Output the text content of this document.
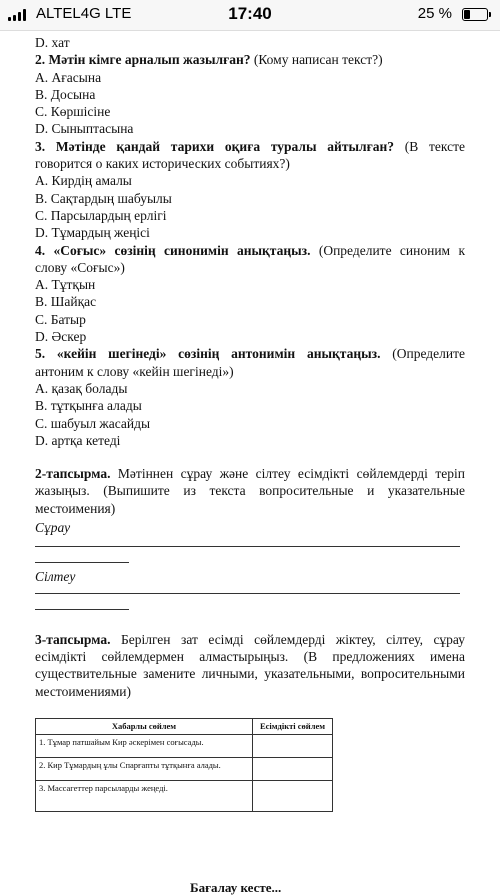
ALTEL4G LTE	17:40	25 %

D. хат
2. Мәтін кімге арналып жазылған? (Кому написан текст?)
A. Ағасына
B. Досына
C. Көршісіне
D. Сыныптасына
3. Мәтінде қандай тарихи оқиға туралы айтылған? (В тексте говорится о каких исторических событиях?)
A. Кирдің амалы
B. Сақтардың шабуылы
C. Парсылардың ерлігі
D. Тұмардың жеңісі
4. «Соғыс» сөзінің синонимін анықтаңыз. (Определите синоним к слову «Соғыс»)
A. Тұтқын
B. Шайқас
C. Батыр
D. Әскер
5. «кейін шегінеді» сөзінің антонимін анықтаңыз. (Определите антоним к слову «кейін шегінеді»)
A. қазақ болады
B. тұтқынға алады
C. шабуыл жасайды
D. артқа кетеді
2-тапсырма. Мәтіннен сұрау және сілтеу есімдікті сөйлемдерді теріп жазыңыз. (Выпишите из текста вопросительные и указательные местоимения)
Сұрау
Сілтеу
3-тапсырма. Берілген зат есімді сөйлемдерді жіктеу, сілтеу, сұрау есімдікті сөйлемдермен алмастырыңыз. (В предложениях имена существительные замените личными, указательными, вопросительными местоимениями)
Хабарлы сөйлем	Есімдікті сөйлем
1. Тұмар патшайым Кир әскерімен соғысады.	
2. Кир Тұмардың ұлы Спарғапты тұтқынға алады.	
3. Массагеттер парсыларды жеңеді.	
Бағалау кесте...
